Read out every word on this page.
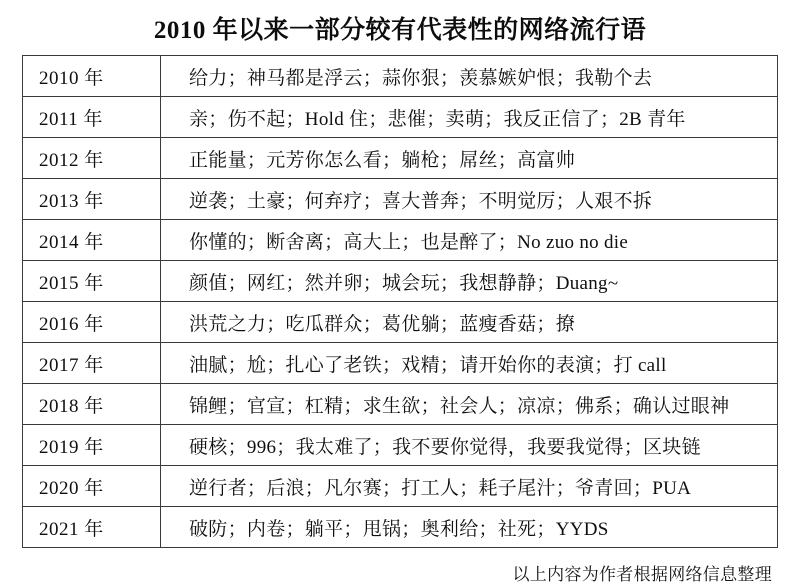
2010 年以来一部分较有代表性的网络流行语
2010 年	给力；神马都是浮云；蒜你狠；羡慕嫉妒恨；我勒个去
2011 年	亲；伤不起；Hold 住；悲催；卖萌；我反正信了；2B 青年
2012 年	正能量；元芳你怎么看；躺枪；屌丝；高富帅
2013 年	逆袭；土豪；何弃疗；喜大普奔；不明觉厉；人艰不拆
2014 年	你懂的；断舍离；高大上；也是醉了；No zuo no die
2015 年	颜值；网红；然并卵；城会玩；我想静静；Duang~
2016 年	洪荒之力；吃瓜群众；葛优躺；蓝瘦香菇；撩
2017 年	油腻；尬；扎心了老铁；戏精；请开始你的表演；打 call
2018 年	锦鲤；官宣；杠精；求生欲；社会人；凉凉；佛系；确认过眼神
2019 年	硬核；996；我太难了；我不要你觉得，我要我觉得；区块链
2020 年	逆行者；后浪；凡尔赛；打工人；耗子尾汁；爷青回；PUA
2021 年	破防；内卷；躺平；甩锅；奥利给；社死；YYDS
以上内容为作者根据网络信息整理
